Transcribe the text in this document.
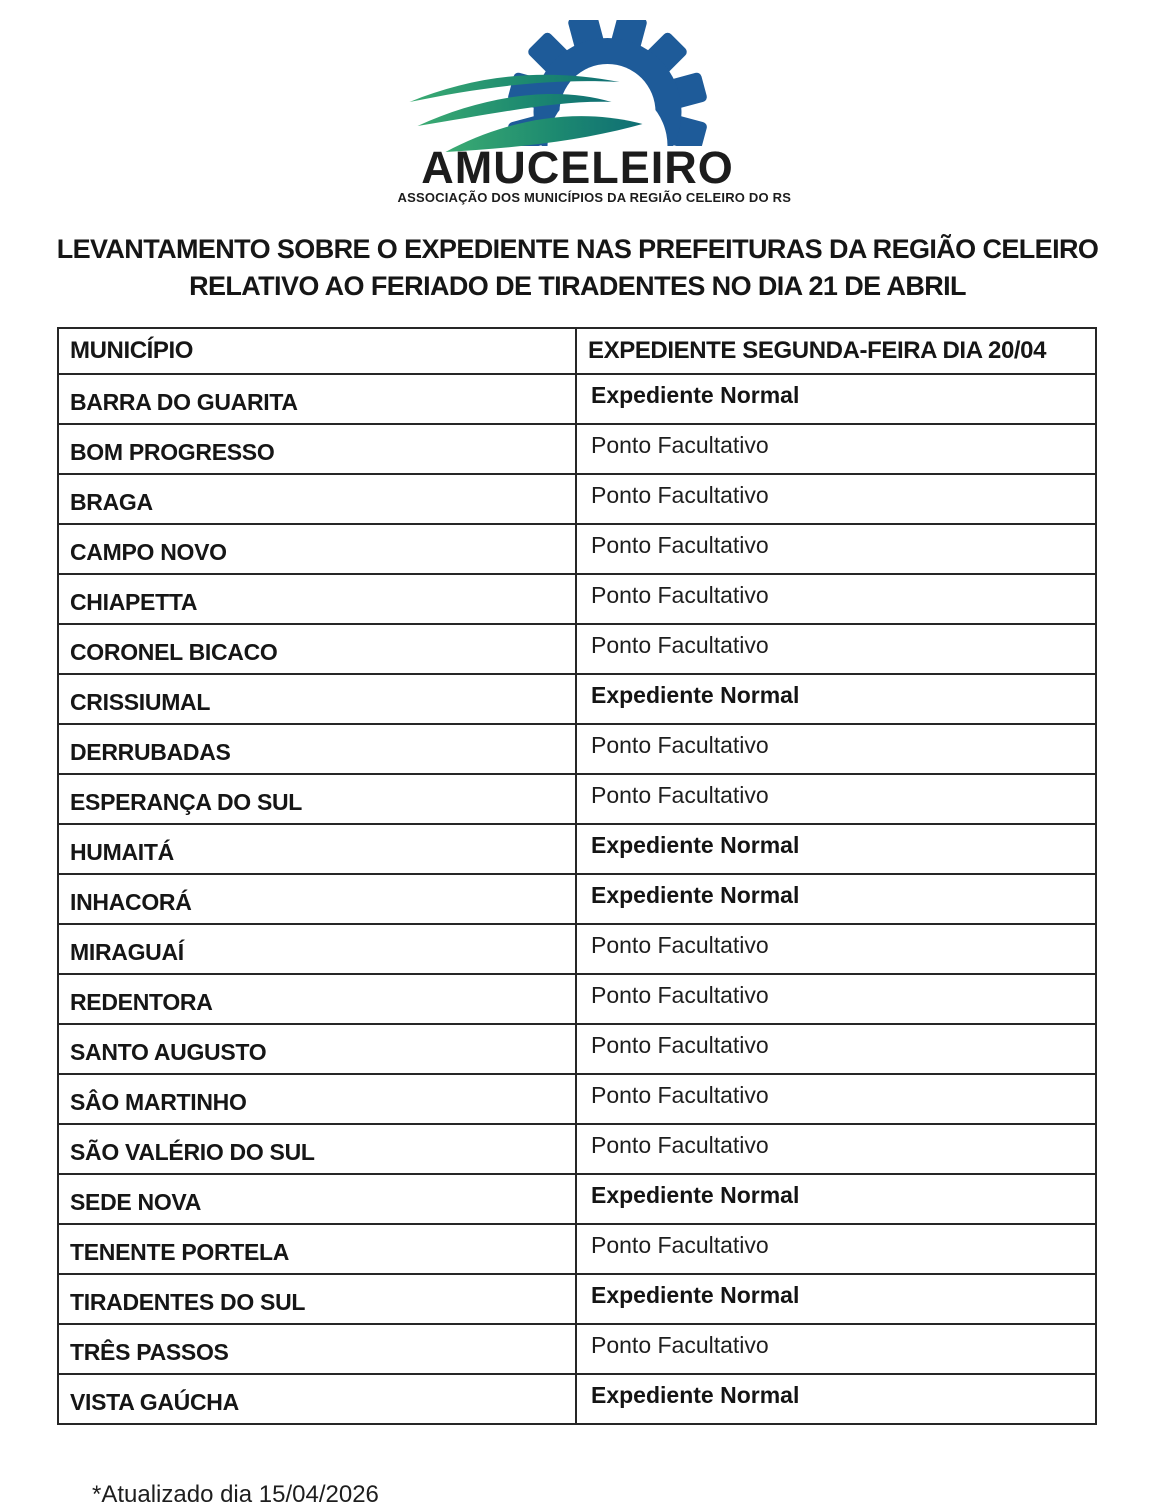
AMUCELEIRO
ASSOCIAÇÃO DOS MUNICÍPIOS DA REGIÃO CELEIRO DO RS
LEVANTAMENTO SOBRE O EXPEDIENTE NAS PREFEITURAS DA REGIÃO CELEIRO
RELATIVO AO FERIADO DE TIRADENTES NO DIA 21 DE ABRIL
MUNICÍPIO	EXPEDIENTE SEGUNDA-FEIRA DIA 20/04
BARRA DO GUARITA	Expediente Normal
BOM PROGRESSO	Ponto Facultativo
BRAGA	Ponto Facultativo
CAMPO NOVO	Ponto Facultativo
CHIAPETTA	Ponto Facultativo
CORONEL BICACO	Ponto Facultativo
CRISSIUMAL	Expediente Normal
DERRUBADAS	Ponto Facultativo
ESPERANÇA DO SUL	Ponto Facultativo
HUMAITÁ	Expediente Normal
INHACORÁ	Expediente Normal
MIRAGUAÍ	Ponto Facultativo
REDENTORA	Ponto Facultativo
SANTO AUGUSTO	Ponto Facultativo
SÂO MARTINHO	Ponto Facultativo
SÃO VALÉRIO DO SUL	Ponto Facultativo
SEDE NOVA	Expediente Normal
TENENTE PORTELA	Ponto Facultativo
TIRADENTES DO SUL	Expediente Normal
TRÊS PASSOS	Ponto Facultativo
VISTA GAÚCHA	Expediente Normal
*Atualizado dia 15/04/2026
